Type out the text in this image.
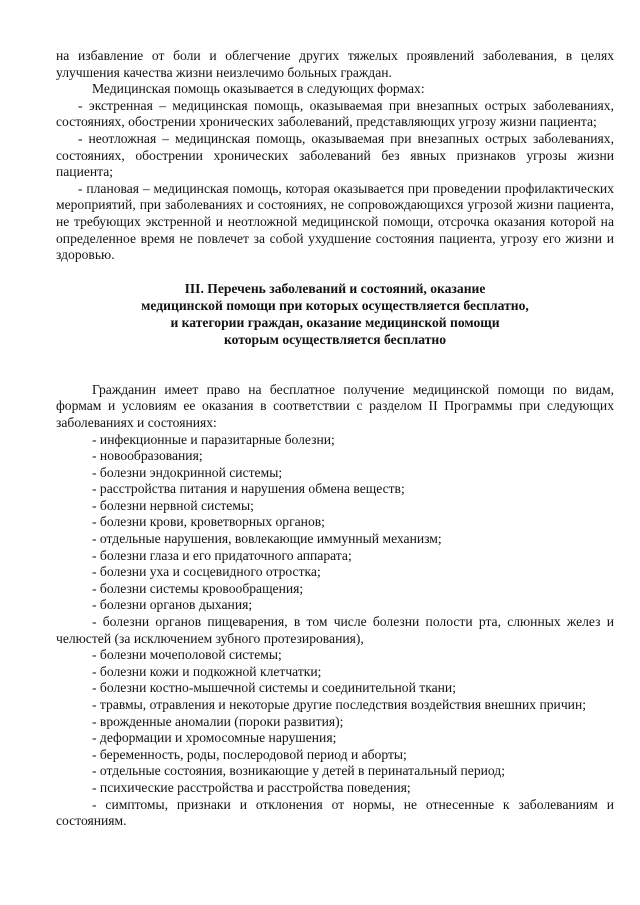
на избавление от боли и облегчение других тяжелых проявлений заболевания, в целях улучшения качества жизни неизлечимо больных граждан.

Медицинская помощь оказывается в следующих формах:

- экстренная – медицинская помощь, оказываемая при внезапных острых заболеваниях, состояниях, обострении хронических заболеваний, представляющих угрозу жизни пациента;

- неотложная – медицинская помощь, оказываемая при внезапных острых заболеваниях, состояниях, обострении хронических заболеваний без явных признаков угрозы жизни пациента;

- плановая – медицинская помощь, которая оказывается при проведении профилактических мероприятий, при заболеваниях и состояниях, не сопровождающихся угрозой жизни пациента, не требующих экстренной и неотложной медицинской помощи, отсрочка оказания которой на определенное время не повлечет за собой ухудшение состояния пациента, угрозу его жизни и здоровью.

III. Перечень заболеваний и состояний, оказание
медицинской помощи при которых осуществляется бесплатно,
и категории граждан, оказание медицинской помощи
которым осуществляется бесплатно

Гражданин имеет право на бесплатное получение медицинской помощи по видам, формам и условиям ее оказания в соответствии с разделом II Программы при следующих заболеваниях и состояниях:

- инфекционные и паразитарные болезни;
- новообразования;
- болезни эндокринной системы;
- расстройства питания и нарушения обмена веществ;
- болезни нервной системы;
- болезни крови, кроветворных органов;
- отдельные нарушения, вовлекающие иммунный механизм;
- болезни глаза и его придаточного аппарата;
- болезни уха и сосцевидного отростка;
- болезни системы кровообращения;
- болезни органов дыхания;
- болезни органов пищеварения, в том числе болезни полости рта, слюнных желез и челюстей (за исключением зубного протезирования),
- болезни мочеполовой системы;
- болезни кожи и подкожной клетчатки;
- болезни костно-мышечной системы и соединительной ткани;
- травмы, отравления и некоторые другие последствия воздействия внешних причин;
- врожденные аномалии (пороки развития);
- деформации и хромосомные нарушения;
- беременность, роды, послеродовой период и аборты;
- отдельные состояния, возникающие у детей в перинатальный период;
- психические расстройства и расстройства поведения;
- симптомы, признаки и отклонения от нормы, не отнесенные к заболеваниям и состояниям.
